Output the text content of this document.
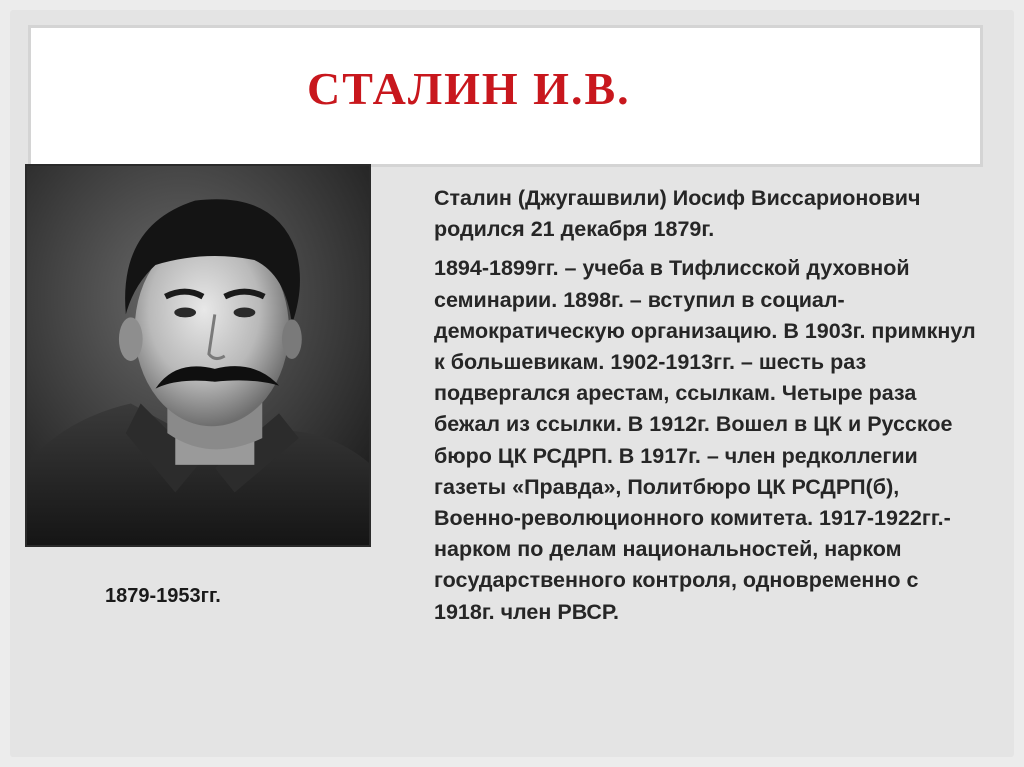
СТАЛИН И.В.

1879-1953гг.

Сталин (Джугашвили) Иосиф Виссарионович родился 21 декабря 1879г.

1894-1899гг. – учеба в Тифлисской духовной семинарии. 1898г. – вступил в социал-демократическую организацию. В 1903г. примкнул к большевикам. 1902-1913гг. – шесть раз подвергался арестам, ссылкам. Четыре раза бежал из ссылки. В 1912г. Вошел в ЦК и Русское бюро ЦК РСДРП. В 1917г. – член редколлегии газеты «Правда», Политбюро ЦК РСДРП(б), Военно-революционного комитета. 1917-1922гг.-нарком по делам национальностей, нарком государственного контроля, одновременно с 1918г. член РВСР.
